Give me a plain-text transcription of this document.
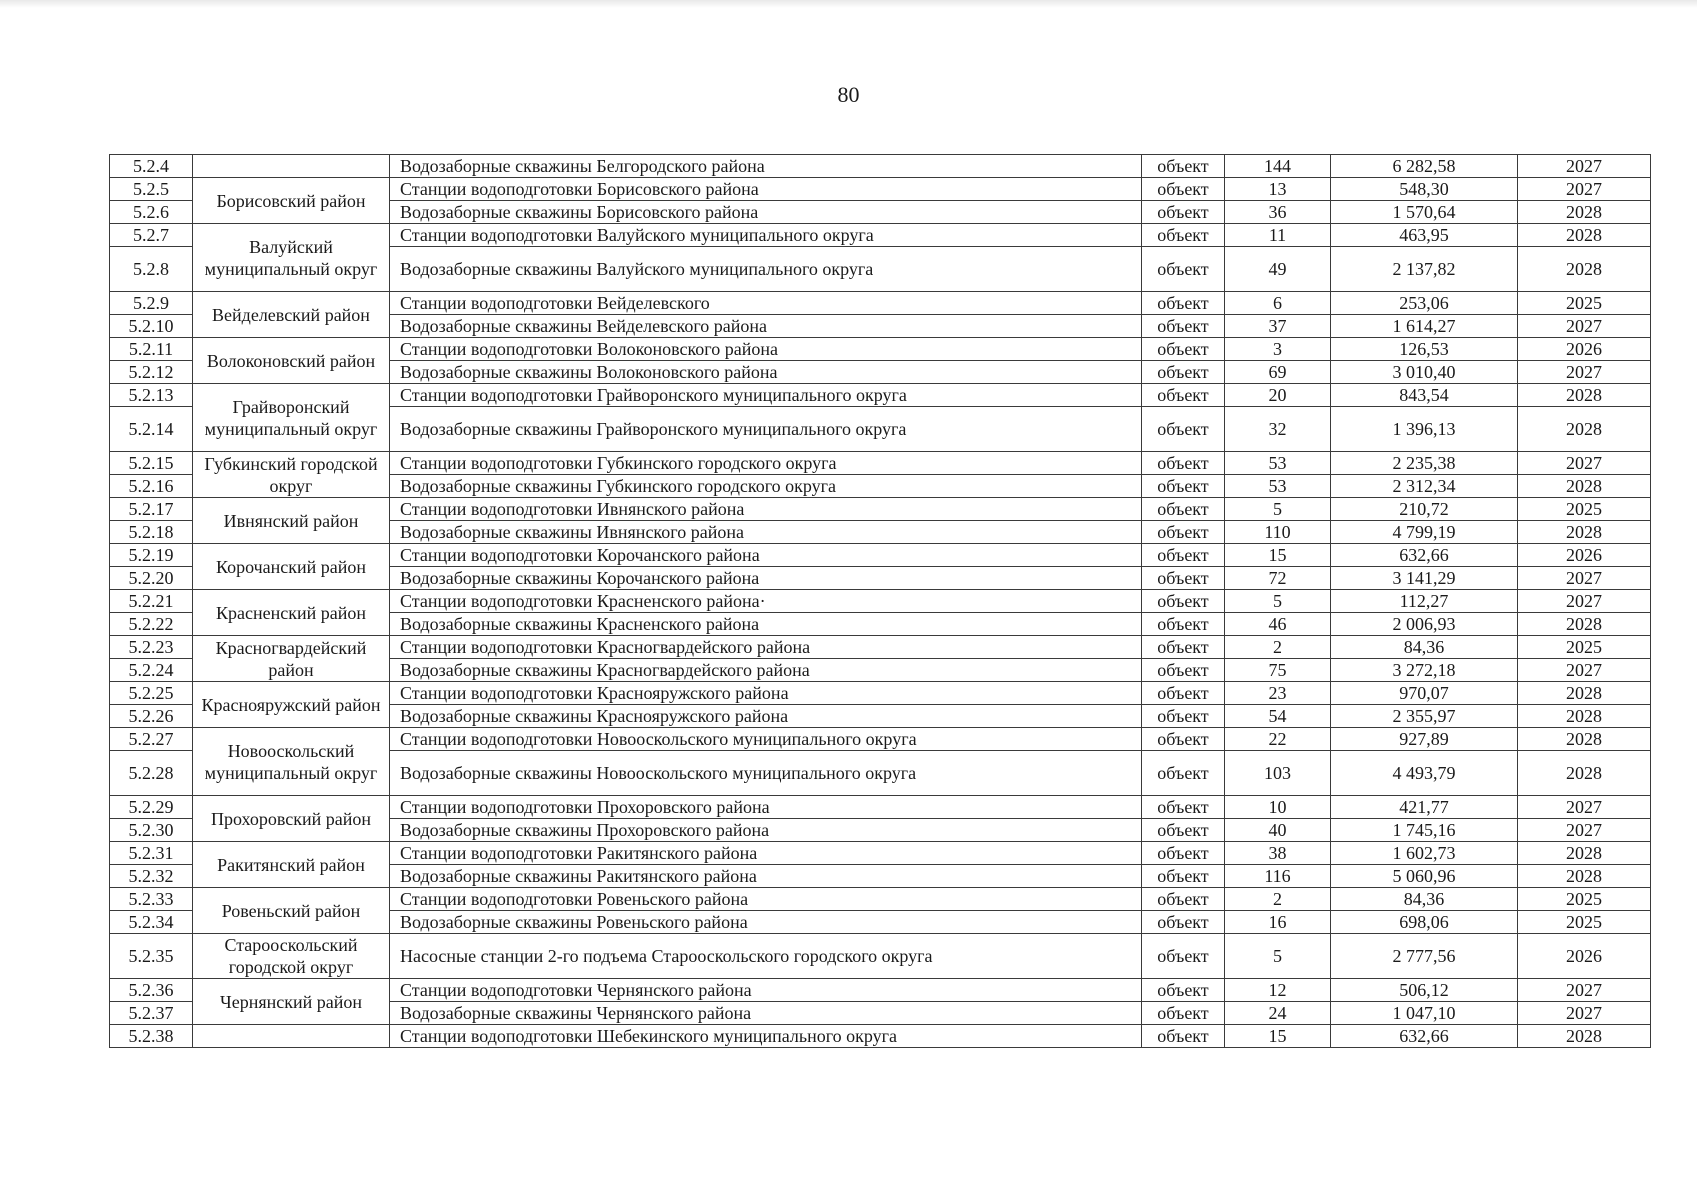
80
5.2.4		Водозаборные скважины Белгородского района	объект	144	6 282,58	2027
5.2.5	Борисовский район	Станции водоподготовки Борисовского района	объект	13	548,30	2027
5.2.6		Водозаборные скважины Борисовского района	объект	36	1 570,64	2028
5.2.7	Валуйский муниципальный округ	Станции водоподготовки Валуйского муниципального округа	объект	11	463,95	2028
5.2.8		Водозаборные скважины Валуйского муниципального округа	объект	49	2 137,82	2028
5.2.9	Вейделевский район	Станции водоподготовки Вейделевского	объект	6	253,06	2025
5.2.10		Водозаборные скважины Вейделевского района	объект	37	1 614,27	2027
5.2.11	Волоконовский район	Станции водоподготовки Волоконовского района	объект	3	126,53	2026
5.2.12		Водозаборные скважины Волоконовского района	объект	69	3 010,40	2027
5.2.13	Грайворонский муниципальный округ	Станции водоподготовки Грайворонского муниципального округа	объект	20	843,54	2028
5.2.14		Водозаборные скважины Грайворонского муниципального округа	объект	32	1 396,13	2028
5.2.15	Губкинский городской округ	Станции водоподготовки Губкинского городского округа	объект	53	2 235,38	2027
5.2.16		Водозаборные скважины Губкинского городского округа	объект	53	2 312,34	2028
5.2.17	Ивнянский район	Станции водоподготовки Ивнянского района	объект	5	210,72	2025
5.2.18		Водозаборные скважины Ивнянского района	объект	110	4 799,19	2028
5.2.19	Корочанский район	Станции водоподготовки Корочанского района	объект	15	632,66	2026
5.2.20		Водозаборные скважины Корочанского района	объект	72	3 141,29	2027
5.2.21	Красненский район	Станции водоподготовки Красненского района·	объект	5	112,27	2027
5.2.22		Водозаборные скважины Красненского района	объект	46	2 006,93	2028
5.2.23	Красногвардейский район	Станции водоподготовки Красногвардейского района	объект	2	84,36	2025
5.2.24		Водозаборные скважины Красногвардейского района	объект	75	3 272,18	2027
5.2.25	Краснояружский район	Станции водоподготовки Краснояружского района	объект	23	970,07	2028
5.2.26		Водозаборные скважины Краснояружского района	объект	54	2 355,97	2028
5.2.27	Новооскольский муниципальный округ	Станции водоподготовки Новооскольского муниципального округа	объект	22	927,89	2028
5.2.28		Водозаборные скважины Новооскольского муниципального округа	объект	103	4 493,79	2028
5.2.29	Прохоровский район	Станции водоподготовки Прохоровского района	объект	10	421,77	2027
5.2.30		Водозаборные скважины Прохоровского района	объект	40	1 745,16	2027
5.2.31	Ракитянский район	Станции водоподготовки Ракитянского района	объект	38	1 602,73	2028
5.2.32		Водозаборные скважины Ракитянского района	объект	116	5 060,96	2028
5.2.33	Ровеньский район	Станции водоподготовки Ровеньского района	объект	2	84,36	2025
5.2.34		Водозаборные скважины Ровеньского района	объект	16	698,06	2025
5.2.35	Старооскольский городской округ	Насосные станции 2-го подъема Старооскольского городского округа	объект	5	2 777,56	2026
5.2.36	Чернянский район	Станции водоподготовки Чернянского района	объект	12	506,12	2027
5.2.37		Водозаборные скважины Чернянского района	объект	24	1 047,10	2027
5.2.38		Станции водоподготовки Шебекинского муниципального округа	объект	15	632,66	2028
